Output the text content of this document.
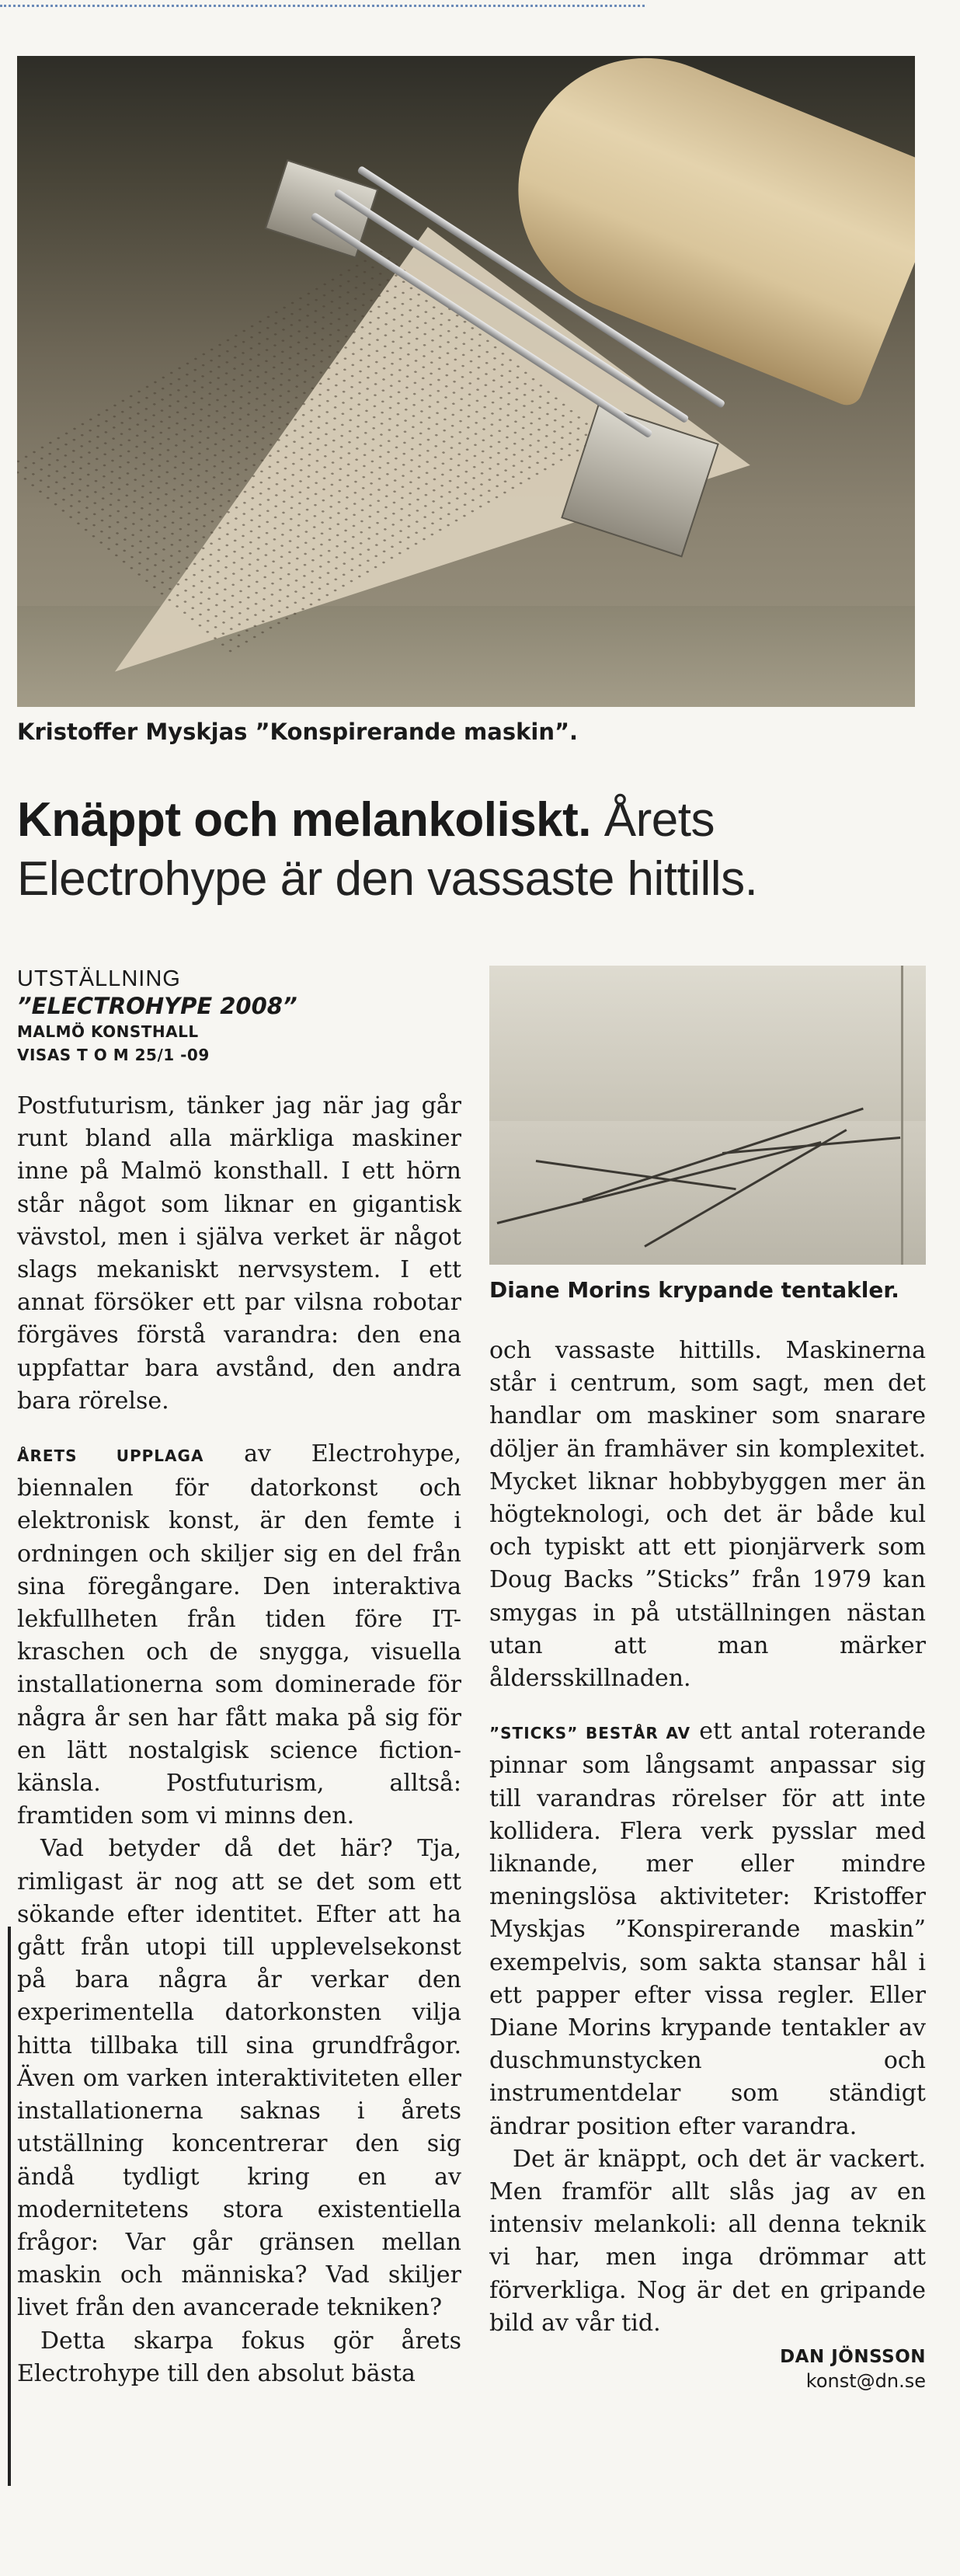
Kristoffer Myskjas ”Konspirerande maskin”.
Knäppt och melankoliskt. Årets
Electrohype är den vassaste hittills.
UTSTÄLLNING
”ELECTROHYPE 2008”
MALMÖ KONSTHALL
VISAS T O M 25/1 -09

Postfuturism, tänker jag när jag går runt bland alla märkliga maskiner inne på Malmö konsthall. I ett hörn står något som liknar en gigantisk vävstol, men i själva verket är något slags mekaniskt nervsystem. I ett annat försöker ett par vilsna robotar förgäves förstå varandra: den ena uppfattar bara avstånd, den andra bara rörelse.

ÅRETS UPPLAGA av Electrohype, biennalen för datorkonst och elektronisk konst, är den femte i ordningen och skiljer sig en del från sina föregångare. Den interaktiva lekfullheten från tiden före IT-kraschen och de snygga, visuella installationerna som dominerade för några år sen har fått maka på sig för en lätt nostalgisk science fiction-känsla. Postfuturism, alltså: framtiden som vi minns den.

Vad betyder då det här? Tja, rimligast är nog att se det som ett sökande efter identitet. Efter att ha gått från utopi till upplevelsekonst på bara några år verkar den experimentella datorkonsten vilja hitta tillbaka till sina grundfrågor. Även om varken interaktiviteten eller installationerna saknas i årets utställning koncentrerar den sig ändå tydligt kring en av modernitetens stora existentiella frågor: Var går gränsen mellan maskin och människa? Vad skiljer livet från den avancerade tekniken?

Detta skarpa fokus gör årets Electrohype till den absolut bästa

Diane Morins krypande tentakler.

och vassaste hittills. Maskinerna står i centrum, som sagt, men det handlar om maskiner som snarare döljer än framhäver sin komplexitet. Mycket liknar hobbybyggen mer än högteknologi, och det är både kul och typiskt att ett pionjärverk som Doug Backs ”Sticks” från 1979 kan smygas in på utställningen nästan utan att man märker åldersskillnaden.

”STICKS” BESTÅR AV ett antal roterande pinnar som långsamt anpassar sig till varandras rörelser för att inte kollidera. Flera verk pysslar med liknande, mer eller mindre meningslösa aktiviteter: Kristoffer Myskjas ”Konspirerande maskin” exempelvis, som sakta stansar hål i ett papper efter vissa regler. Eller Diane Morins krypande tentakler av duschmunstycken och instrumentdelar som ständigt ändrar position efter varandra.

Det är knäppt, och det är vackert. Men framför allt slås jag av en intensiv melankoli: all denna teknik vi har, men inga drömmar att förverkliga. Nog är det en gripande bild av vår tid.

DAN JÖNSSON
konst@dn.se
